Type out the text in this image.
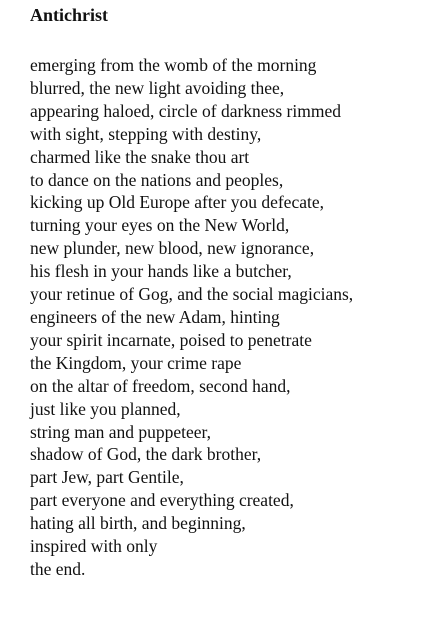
Antichrist
emerging from the womb of the morning
blurred, the new light avoiding thee,
appearing haloed, circle of darkness rimmed
with sight, stepping with destiny,
charmed like the snake thou art
to dance on the nations and peoples,
kicking up Old Europe after you defecate,
turning your eyes on the New World,
new plunder, new blood, new ignorance,
his flesh in your hands like a butcher,
your retinue of Gog, and the social magicians,
engineers of the new Adam, hinting
your spirit incarnate, poised to penetrate
the Kingdom, your crime rape
on the altar of freedom, second hand,
just like you planned,
string man and puppeteer,
shadow of God, the dark brother,
part Jew, part Gentile,
part everyone and everything created,
hating all birth, and beginning,
inspired with only
the end.
